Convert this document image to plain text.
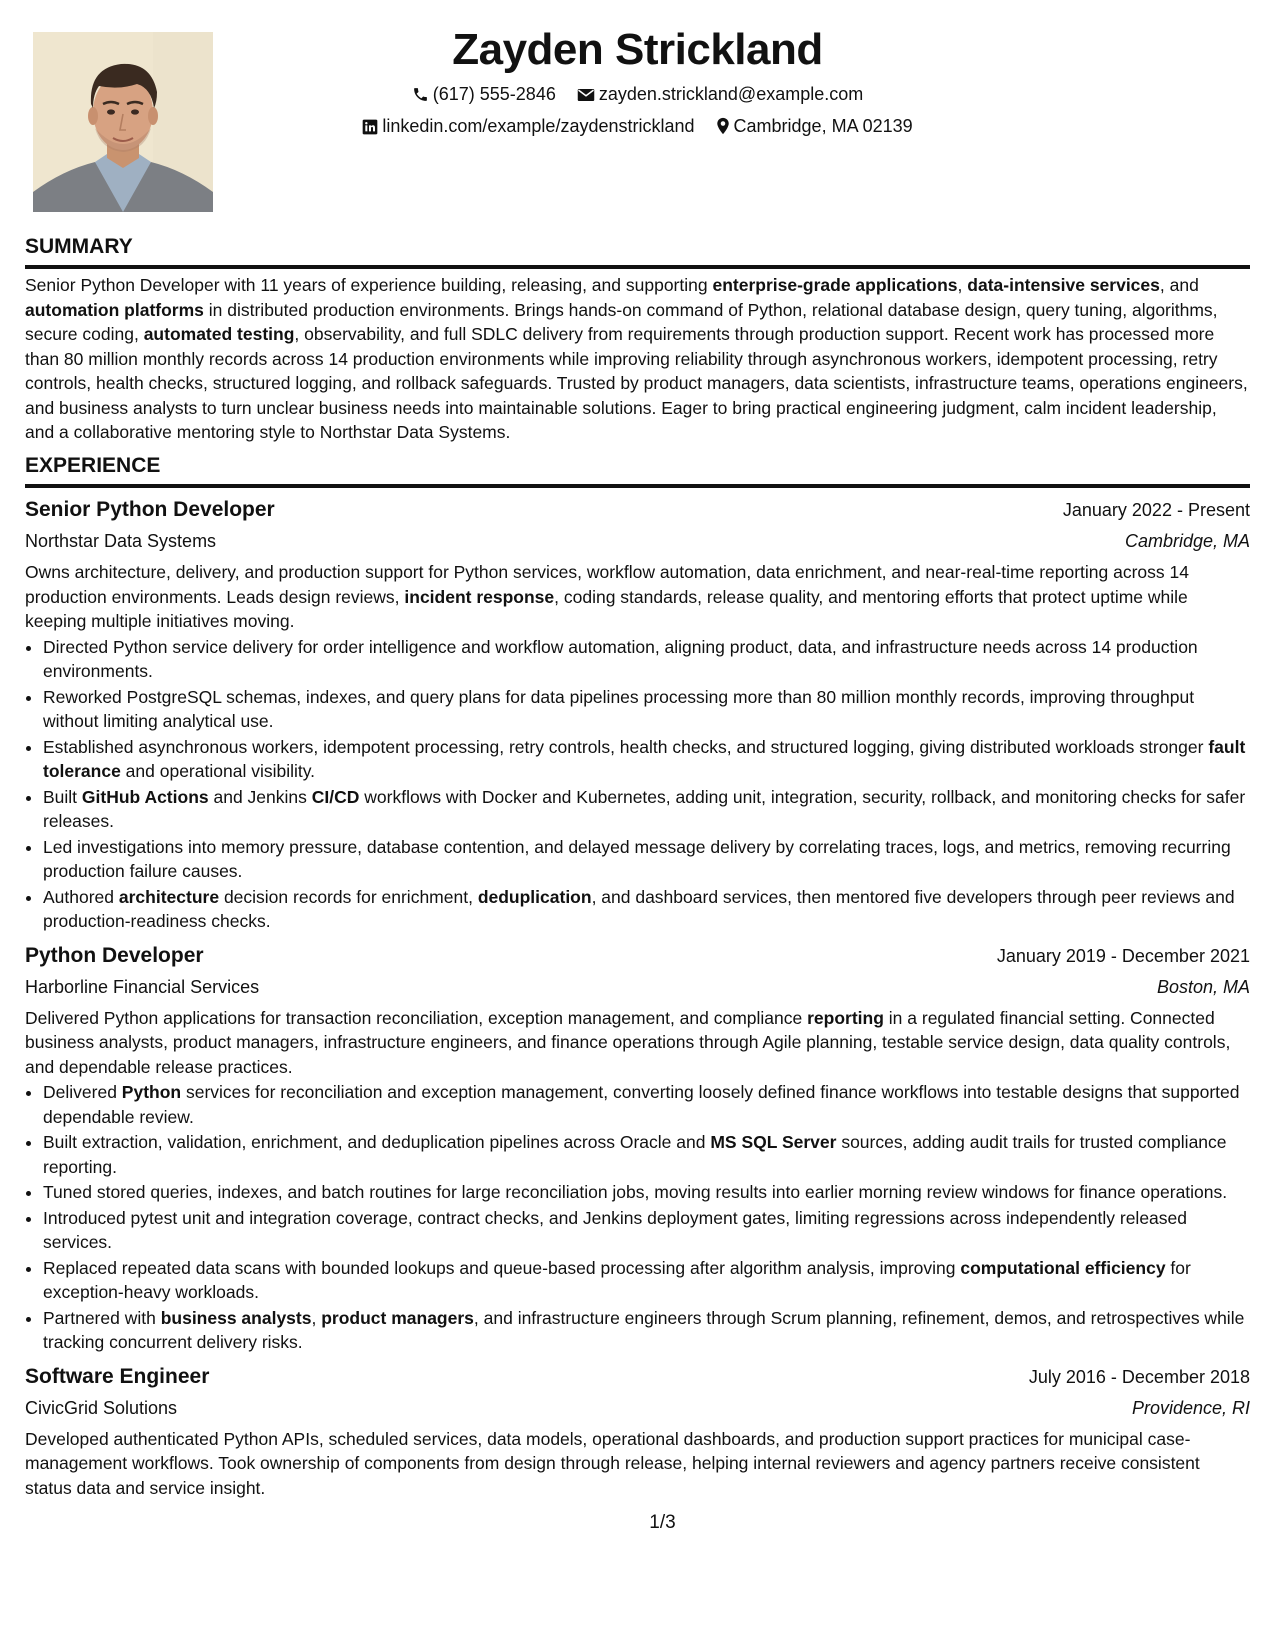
Zayden Strickland
(617) 555-2846 zayden.strickland@example.com
linkedin.com/example/zaydenstrickland Cambridge, MA 02139
SUMMARY

Senior Python Developer with 11 years of experience building, releasing, and supporting enterprise-grade applications, data-intensive services, and automation platforms in distributed production environments. Brings hands-on command of Python, relational database design, query tuning, algorithms, secure coding, automated testing, observability, and full SDLC delivery from requirements through production support. Recent work has processed more than 80 million monthly records across 14 production environments while improving reliability through asynchronous workers, idempotent processing, retry controls, health checks, structured logging, and rollback safeguards. Trusted by product managers, data scientists, infrastructure teams, operations engineers, and business analysts to turn unclear business needs into maintainable solutions. Eager to bring practical engineering judgment, calm incident leadership, and a collaborative mentoring style to Northstar Data Systems.

EXPERIENCE
Senior Python Developer	January 2022 - Present
Northstar Data Systems	Cambridge, MA

Owns architecture, delivery, and production support for Python services, workflow automation, data enrichment, and near-real-time reporting across 14 production environments. Leads design reviews, incident response, coding standards, release quality, and mentoring efforts that protect uptime while keeping multiple initiatives moving.

• Directed Python service delivery for order intelligence and workflow automation, aligning product, data, and infrastructure needs across 14 production environments.
• Reworked PostgreSQL schemas, indexes, and query plans for data pipelines processing more than 80 million monthly records, improving throughput without limiting analytical use.
• Established asynchronous workers, idempotent processing, retry controls, health checks, and structured logging, giving distributed workloads stronger fault tolerance and operational visibility.
• Built GitHub Actions and Jenkins CI/CD workflows with Docker and Kubernetes, adding unit, integration, security, rollback, and monitoring checks for safer releases.
• Led investigations into memory pressure, database contention, and delayed message delivery by correlating traces, logs, and metrics, removing recurring production failure causes.
• Authored architecture decision records for enrichment, deduplication, and dashboard services, then mentored five developers through peer reviews and production-readiness checks.
Python Developer	January 2019 - December 2021
Harborline Financial Services	Boston, MA

Delivered Python applications for transaction reconciliation, exception management, and compliance reporting in a regulated financial setting. Connected business analysts, product managers, infrastructure engineers, and finance operations through Agile planning, testable service design, data quality controls, and dependable release practices.

• Delivered Python services for reconciliation and exception management, converting loosely defined finance workflows into testable designs that supported dependable review.
• Built extraction, validation, enrichment, and deduplication pipelines across Oracle and MS SQL Server sources, adding audit trails for trusted compliance reporting.
• Tuned stored queries, indexes, and batch routines for large reconciliation jobs, moving results into earlier morning review windows for finance operations.
• Introduced pytest unit and integration coverage, contract checks, and Jenkins deployment gates, limiting regressions across independently released services.
• Replaced repeated data scans with bounded lookups and queue-based processing after algorithm analysis, improving computational efficiency for exception-heavy workloads.
• Partnered with business analysts, product managers, and infrastructure engineers through Scrum planning, refinement, demos, and retrospectives while tracking concurrent delivery risks.
Software Engineer	July 2016 - December 2018
CivicGrid Solutions	Providence, RI

Developed authenticated Python APIs, scheduled services, data models, operational dashboards, and production support practices for municipal case-management workflows. Took ownership of components from design through release, helping internal reviewers and agency partners receive consistent status data and service insight.

1/3
